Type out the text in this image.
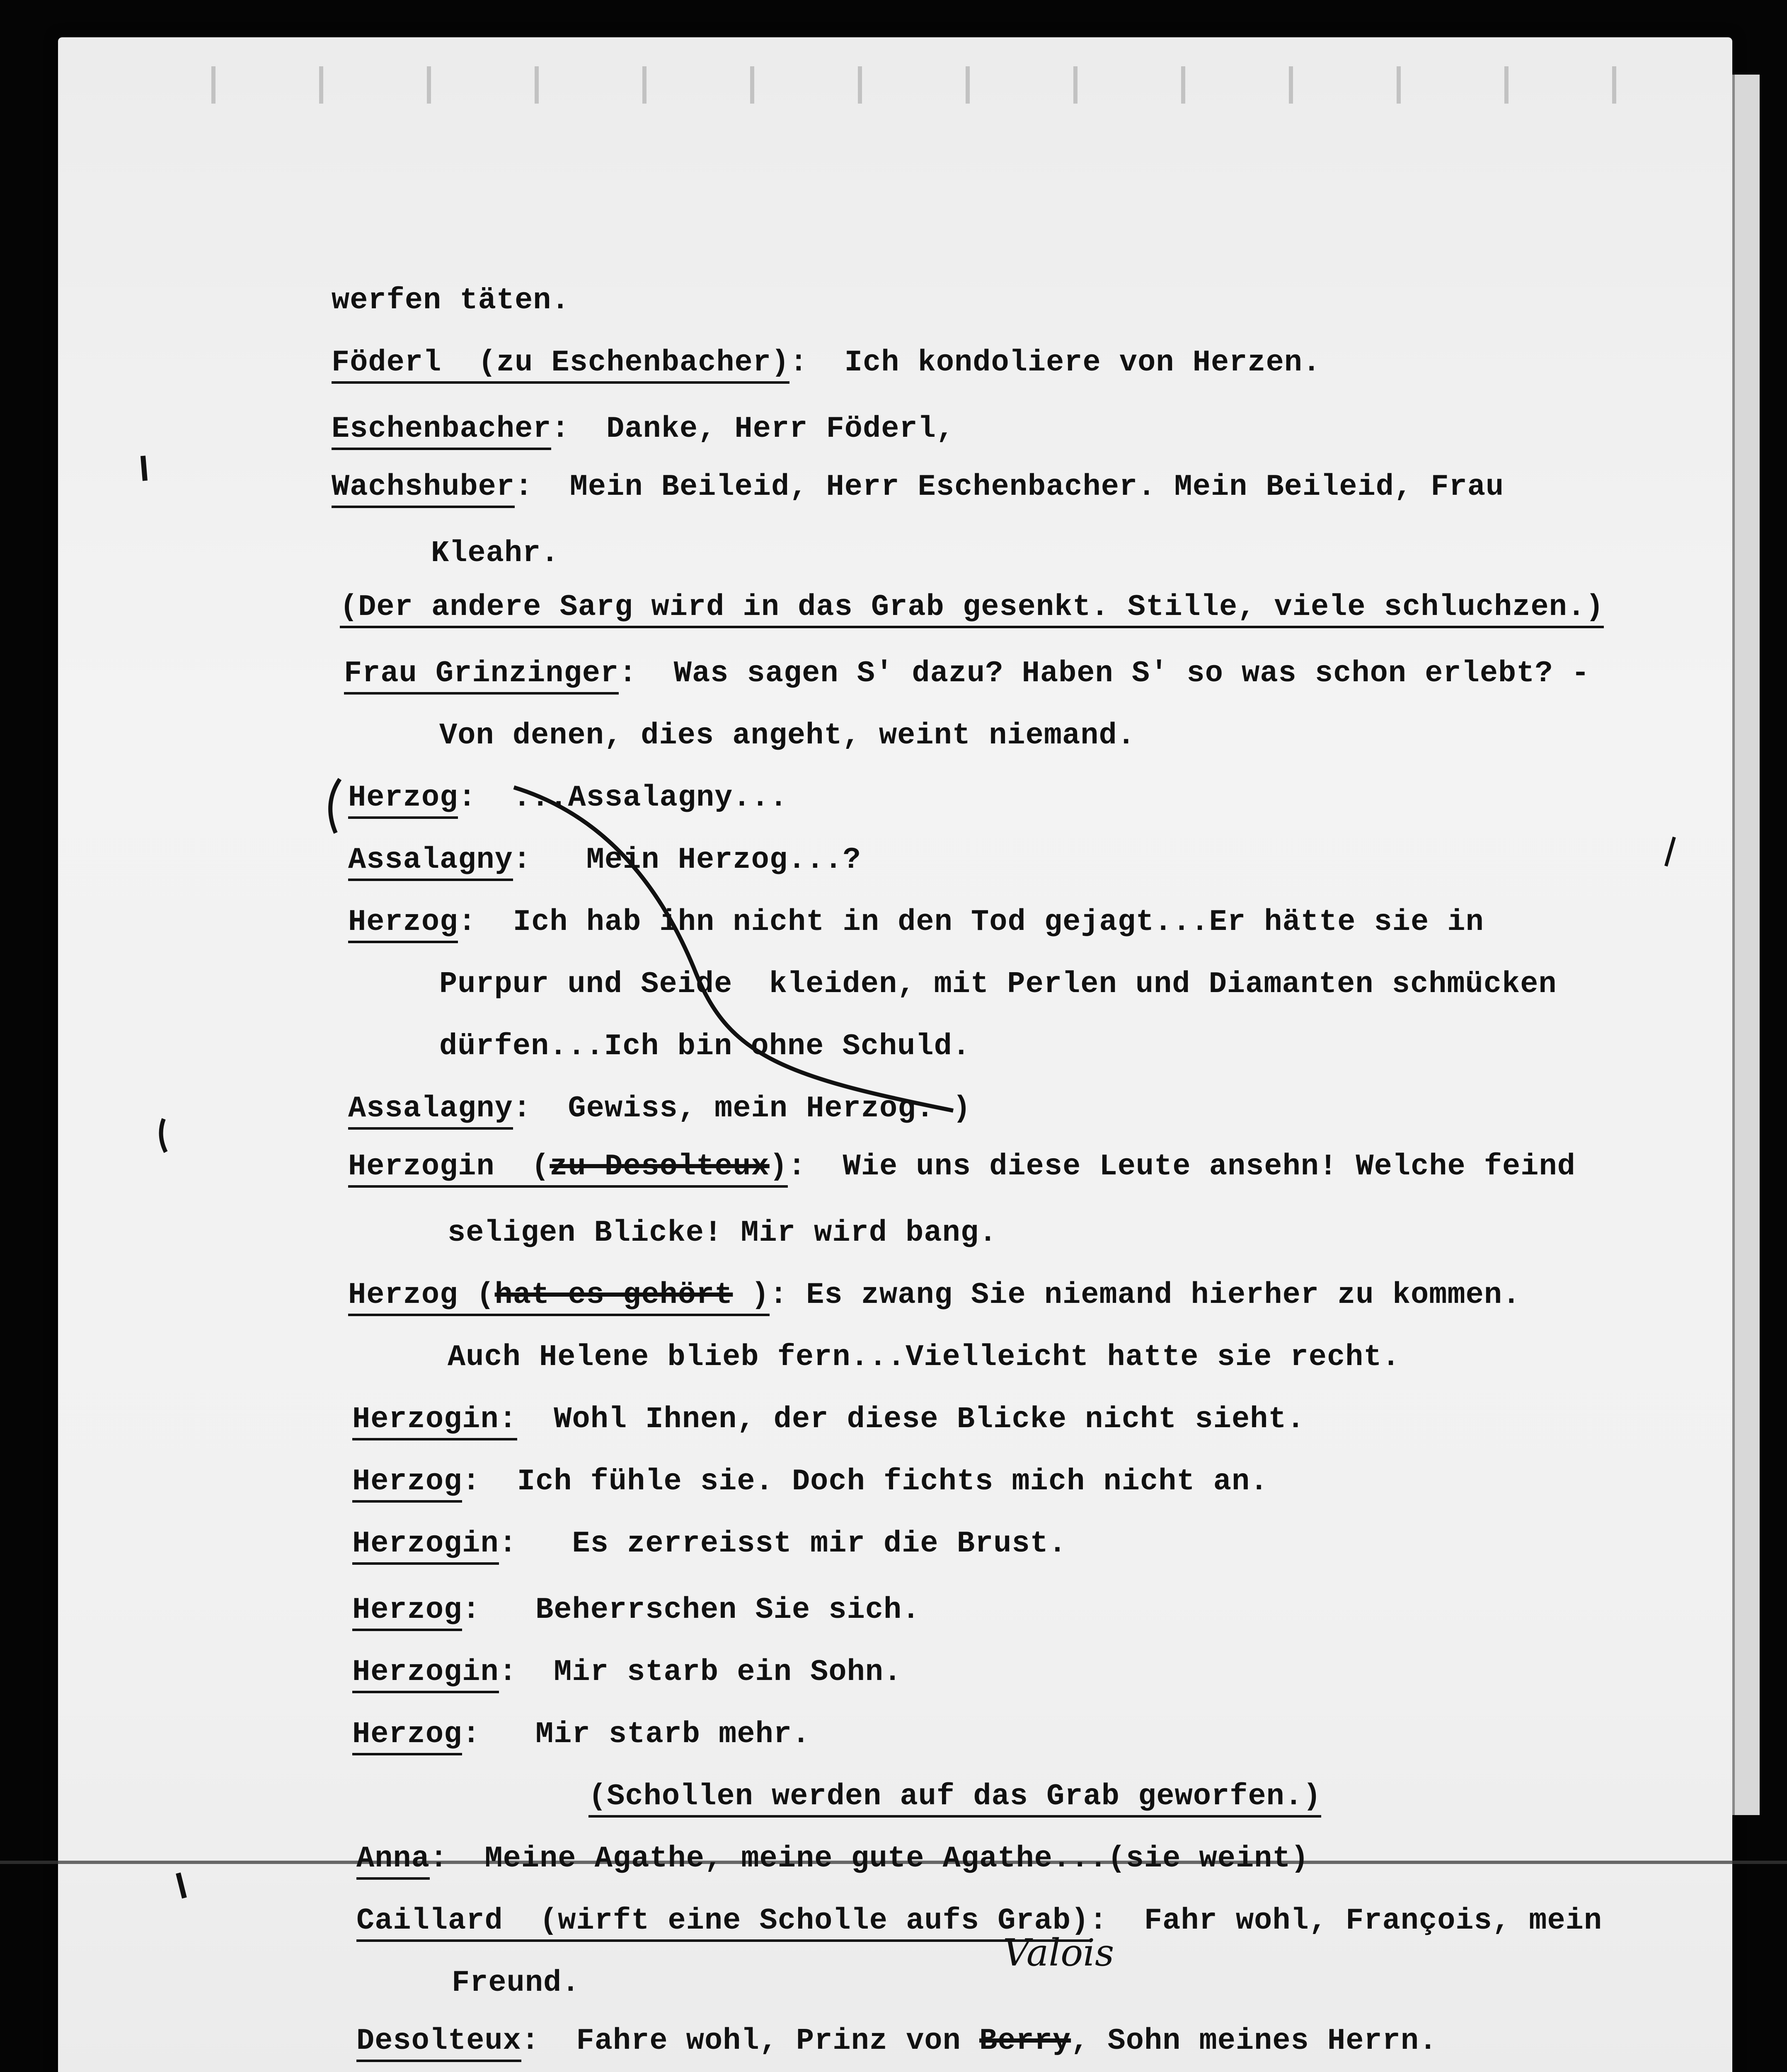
werfen täten.
Föderl  (zu Eschenbacher):  Ich kondoliere von Herzen.
Eschenbacher:  Danke, Herr Föderl,
Wachshuber:  Mein Beileid, Herr Eschenbacher. Mein Beileid, Frau
Kleahr.
(Der andere Sarg wird in das Grab gesenkt. Stille, viele schluchzen.)
Frau Grinzinger:  Was sagen S' dazu? Haben S' so was schon erlebt? -
Von denen, dies angeht, weint niemand.
Herzog:  ...Assalagny...
Assalagny:   Mein Herzog...?
Herzog:  Ich hab ihn nicht in den Tod gejagt...Er hätte sie in
Purpur und Seide  kleiden, mit Perlen und Diamanten schmücken
dürfen...Ich bin ohne Schuld.
Assalagny:  Gewiss, mein Herzog. )
Herzogin  (zu Desolteux):  Wie uns diese Leute ansehn! Welche feind
seligen Blicke! Mir wird bang.
Herzog (hat es gehört ): Es zwang Sie niemand hierher zu kommen.
Auch Helene blieb fern...Vielleicht hatte sie recht.
Herzogin:  Wohl Ihnen, der diese Blicke nicht sieht.
Herzog:  Ich fühle sie. Doch fichts mich nicht an.
Herzogin:   Es zerreisst mir die Brust.
Herzog:   Beherrschen Sie sich.
Herzogin:  Mir starb ein Sohn.
Herzog:   Mir starb mehr.
(Schollen werden auf das Grab geworfen.)
Anna:  Meine Agathe, meine gute Agathe...(sie weint)
Caillard  (wirft eine Scholle aufs Grab):  Fahr wohl, François, mein
Freund.
Desolteux:  Fahre wohl, Prinz von Berry, Sohn meines Herrn.
Valois
